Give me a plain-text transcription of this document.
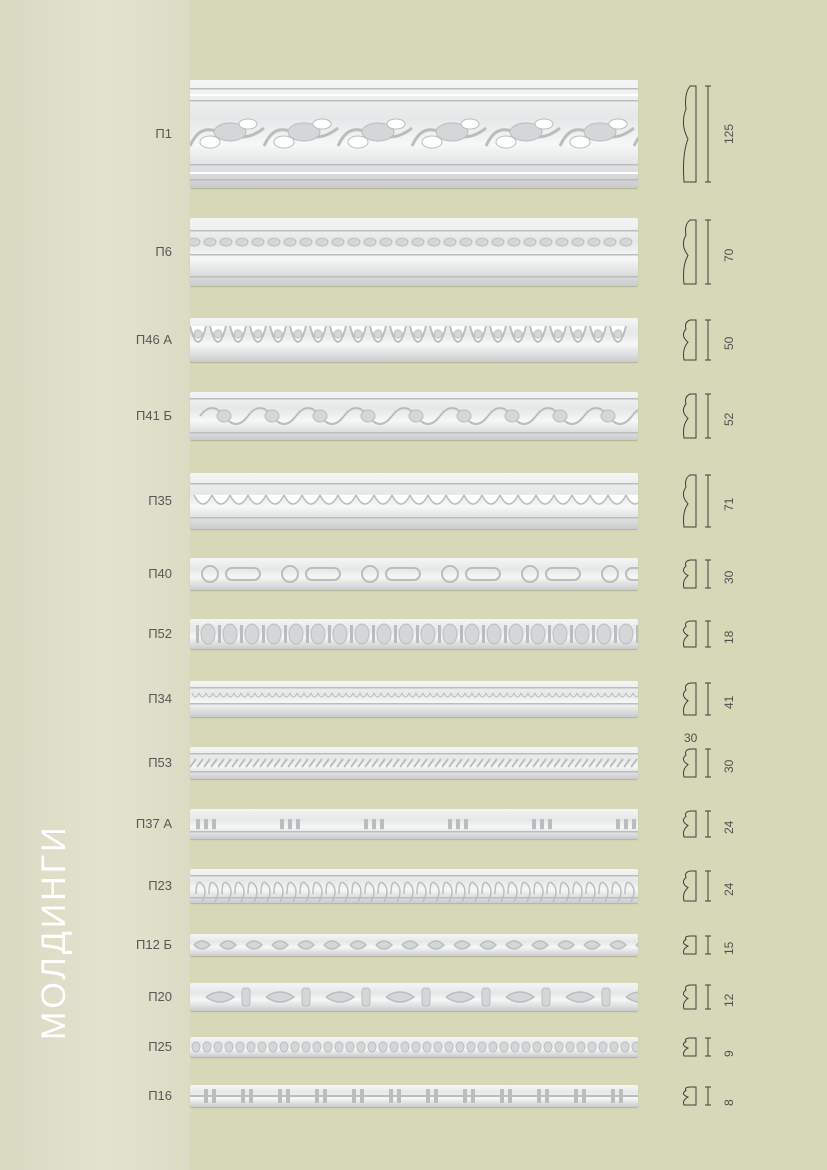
МОЛДИНГИ
П1	125
П6	70
П46 А	50
П41 Б	52
П35	71
П40	30
П52	18
П34	41
П53	30
30
П37 А	24
П23	24
П12 Б	15
П20	12
П25	9
П16	8
